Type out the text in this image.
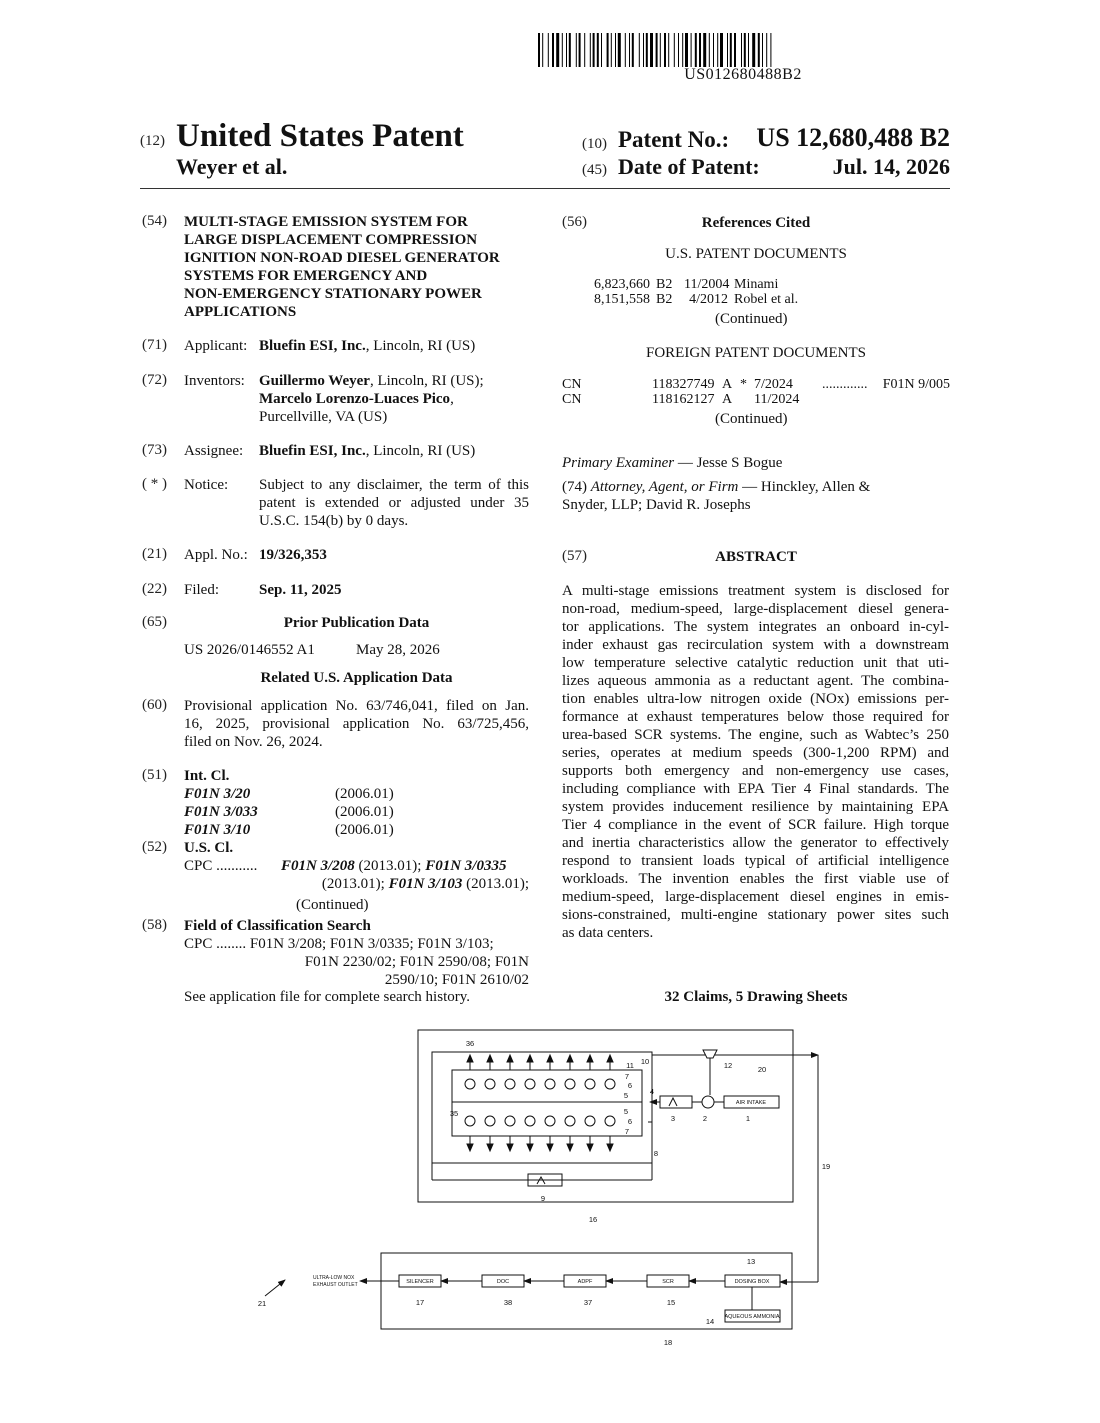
US012680488B2
(12) United States Patent
Weyer et al.
(10) Patent No.:	US 12,680,488 B2
(45) Date of Patent:	Jul. 14, 2026
(54) MULTI-STAGE EMISSION SYSTEM FOR
LARGE DISPLACEMENT COMPRESSION
IGNITION NON-ROAD DIESEL GENERATOR
SYSTEMS FOR EMERGENCY AND
NON-EMERGENCY STATIONARY POWER
APPLICATIONS
(71) Applicant: Bluefin ESI, Inc., Lincoln, RI (US)
(72) Inventors: Guillermo Weyer, Lincoln, RI (US);
Marcelo Lorenzo-Luaces Pico,
Purcellville, VA (US)
(73) Assignee: Bluefin ESI, Inc., Lincoln, RI (US)
( * ) Notice: Subject to any disclaimer, the term of this
patent is extended or adjusted under 35
U.S.C. 154(b) by 0 days.
(21) Appl. No.: 19/326,353
(22) Filed:	Sep. 11, 2025
(65)	Prior Publication Data
US 2026/0146552 A1	May 28, 2026
Related U.S. Application Data
(60) Provisional application No. 63/746,041, filed on Jan.
16, 2025, provisional application No. 63/725,456,
filed on Nov. 26, 2024.
(51) Int. Cl.
F01N 3/20	(2006.01)
F01N 3/033	(2006.01)
F01N 3/10	(2006.01)
(52) U.S. Cl.
CPC ........... F01N 3/208 (2013.01); F01N 3/0335
(2013.01); F01N 3/103 (2013.01);
(Continued)
(58) Field of Classification Search
CPC ........ F01N 3/208; F01N 3/0335; F01N 3/103;
F01N 2230/02; F01N 2590/08; F01N
2590/10; F01N 2610/02
See application file for complete search history.
(56)	References Cited
U.S. PATENT DOCUMENTS
6,823,660 B2 11/2004 Minami
8,151,558 B2	4/2012 Robel et al.
(Continued)
FOREIGN PATENT DOCUMENTS
CN	118327749 A * 7/2024	.............	F01N 9/005
CN	118162127 A	11/2024
(Continued)
Primary Examiner — Jesse S Bogue
(74) Attorney, Agent, or Firm — Hinckley, Allen &
Snyder, LLP; David R. Josephs
(57)	ABSTRACT
A multi-stage emissions treatment system is disclosed for
non-road, medium-speed, large-displacement diesel genera-
tor applications. The system integrates an onboard in-cyl-
inder exhaust gas recirculation system with a downstream
low temperature selective catalytic reduction unit that uti-
lizes aqueous ammonia as a reductant agent. The combina-
tion enables ultra-low nitrogen oxide (NOx) emissions per-
formance at exhaust temperatures below those required for
urea-based SCR systems. The engine, such as Wabtec’s 250
series, operates at medium speeds (300-1,200 RPM) and
supports both emergency and non-emergency use cases,
including compliance with EPA Tier 4 Final standards. The
system provides inducement resilience by maintaining EPA
Tier 4 compliance in the event of SCR failure. High torque
and inertia characteristics allow the generator to effectively
respond to transient loads typical of artificial intelligence
workloads. The invention enables the first viable use of
medium-speed, large-displacement diesel engines in emis-
sions-constrained, multi-engine stationary power sites such
as data centers.
32 Claims, 5 Drawing Sheets
AIR INTAKE
SILENCER	DOC	ADPF	SCR	DOSING BOX
AQUEOUS AMMONIA
ULTRA-LOW NOX
EXHAUST OUTLET
36
10
11	12	20
7
6
5	4
35	5
6
7
3	2	1
8
19
9
16
13
17	38	37	15
14
21
18
